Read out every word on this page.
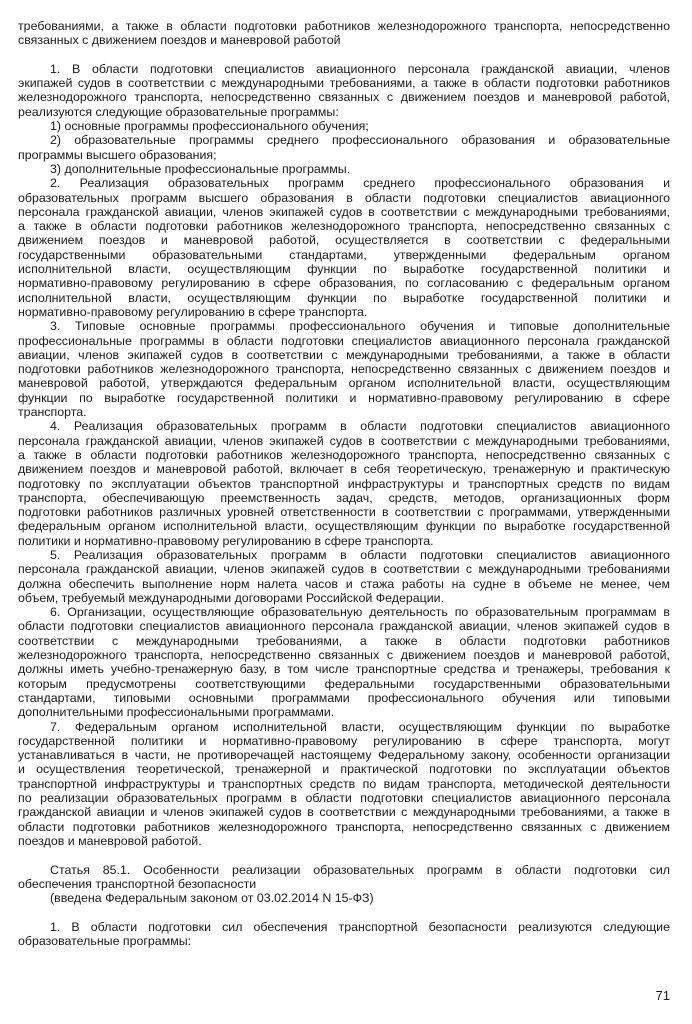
требованиями, а также в области подготовки работников железнодорожного транспорта, непосредственно
связанных с движением поездов и маневровой работой
1. В области подготовки специалистов авиационного персонала гражданской авиации, членов
экипажей судов в соответствии с международными требованиями, а также в области подготовки работников
железнодорожного транспорта, непосредственно связанных с движением поездов и маневровой работой,
реализуются следующие образовательные программы:
1) основные программы профессионального обучения;
2) образовательные программы среднего профессионального образования и образовательные
программы высшего образования;
3) дополнительные профессиональные программы.
2. Реализация образовательных программ среднего профессионального образования и
образовательных программ высшего образования в области подготовки специалистов авиационного
персонала гражданской авиации, членов экипажей судов в соответствии с международными требованиями,
а также в области подготовки работников железнодорожного транспорта, непосредственно связанных с
движением поездов и маневровой работой, осуществляется в соответствии с федеральными
государственными образовательными стандартами, утвержденными федеральным органом
исполнительной власти, осуществляющим функции по выработке государственной политики и
нормативно-правовому регулированию в сфере образования, по согласованию с федеральным органом
исполнительной власти, осуществляющим функции по выработке государственной политики и
нормативно-правовому регулированию в сфере транспорта.
3. Типовые основные программы профессионального обучения и типовые дополнительные
профессиональные программы в области подготовки специалистов авиационного персонала гражданской
авиации, членов экипажей судов в соответствии с международными требованиями, а также в области
подготовки работников железнодорожного транспорта, непосредственно связанных с движением поездов и
маневровой работой, утверждаются федеральным органом исполнительной власти, осуществляющим
функции по выработке государственной политики и нормативно-правовому регулированию в сфере
транспорта.
4. Реализация образовательных программ в области подготовки специалистов авиационного
персонала гражданской авиации, членов экипажей судов в соответствии с международными требованиями,
а также в области подготовки работников железнодорожного транспорта, непосредственно связанных с
движением поездов и маневровой работой, включает в себя теоретическую, тренажерную и практическую
подготовку по эксплуатации объектов транспортной инфраструктуры и транспортных средств по видам
транспорта, обеспечивающую преемственность задач, средств, методов, организационных форм
подготовки работников различных уровней ответственности в соответствии с программами, утвержденными
федеральным органом исполнительной власти, осуществляющим функции по выработке государственной
политики и нормативно-правовому регулированию в сфере транспорта.
5. Реализация образовательных программ в области подготовки специалистов авиационного
персонала гражданской авиации, членов экипажей судов в соответствии с международными требованиями
должна обеспечить выполнение норм налета часов и стажа работы на судне в объеме не менее, чем
объем, требуемый международными договорами Российской Федерации.
6. Организации, осуществляющие образовательную деятельность по образовательным программам в
области подготовки специалистов авиационного персонала гражданской авиации, членов экипажей судов в
соответствии с международными требованиями, а также в области подготовки работников
железнодорожного транспорта, непосредственно связанных с движением поездов и маневровой работой,
должны иметь учебно-тренажерную базу, в том числе транспортные средства и тренажеры, требования к
которым предусмотрены соответствующими федеральными государственными образовательными
стандартами, типовыми основными программами профессионального обучения или типовыми
дополнительными профессиональными программами.
7. Федеральным органом исполнительной власти, осуществляющим функции по выработке
государственной политики и нормативно-правовому регулированию в сфере транспорта, могут
устанавливаться в части, не противоречащей настоящему Федеральному закону, особенности организации
и осуществления теоретической, тренажерной и практической подготовки по эксплуатации объектов
транспортной инфраструктуры и транспортных средств по видам транспорта, методической деятельности
по реализации образовательных программ в области подготовки специалистов авиационного персонала
гражданской авиации и членов экипажей судов в соответствии с международными требованиями, а также в
области подготовки работников железнодорожного транспорта, непосредственно связанных с движением
поездов и маневровой работой.
Статья 85.1. Особенности реализации образовательных программ в области подготовки сил
обеспечения транспортной безопасности
(введена Федеральным законом от 03.02.2014 N 15-ФЗ)
1. В области подготовки сил обеспечения транспортной безопасности реализуются следующие
образовательные программы:
71
